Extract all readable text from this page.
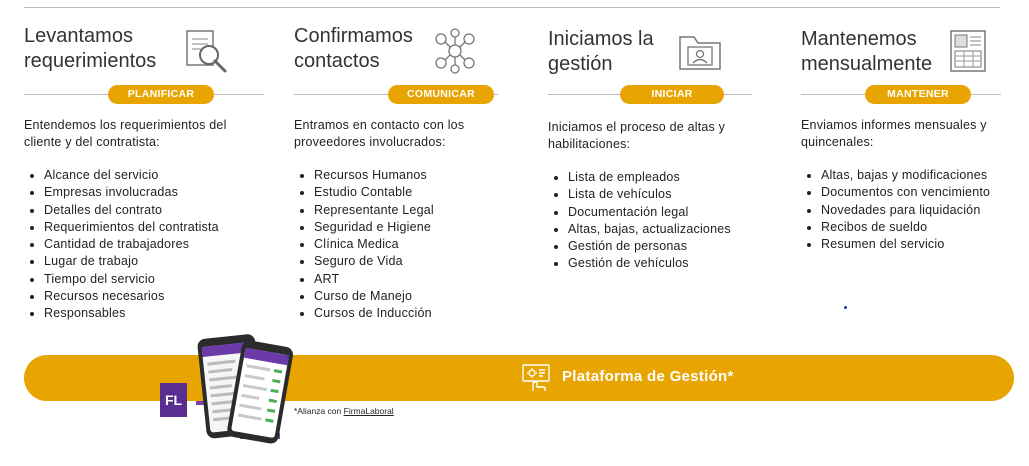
Levantamos requerimientos
PLANIFICAR

Entendemos los requerimientos del cliente y del contratista:

Alcance del servicio
Empresas involucradas
Detalles del contrato
Requerimientos del contratista
Cantidad de trabajadores
Lugar de trabajo
Tiempo del servicio
Recursos necesarios
Responsables
Confirmamos contactos
COMUNICAR

Entramos en contacto con los proveedores involucrados:

Recursos Humanos
Estudio Contable
Representante Legal
Seguridad e Higiene
Clínica Medica
Seguro de Vida
ART
Curso de Manejo
Cursos de Inducción
Iniciamos la gestión
INICIAR

Iniciamos el proceso de altas y habilitaciones:

Lista de empleados
Lista de vehículos
Documentación legal
Altas, bajas, actualizaciones
Gestión de personas
Gestión de vehículos
Mantenemos mensualmente
MANTENER

Enviamos informes mensuales y quincenales:

Altas, bajas y modificaciones
Documentos con vencimiento
Novedades para liquidación
Recibos de sueldo
Resumen del servicio
Plataforma de Gestión*
FL
*Alianza con FirmaLaboral
